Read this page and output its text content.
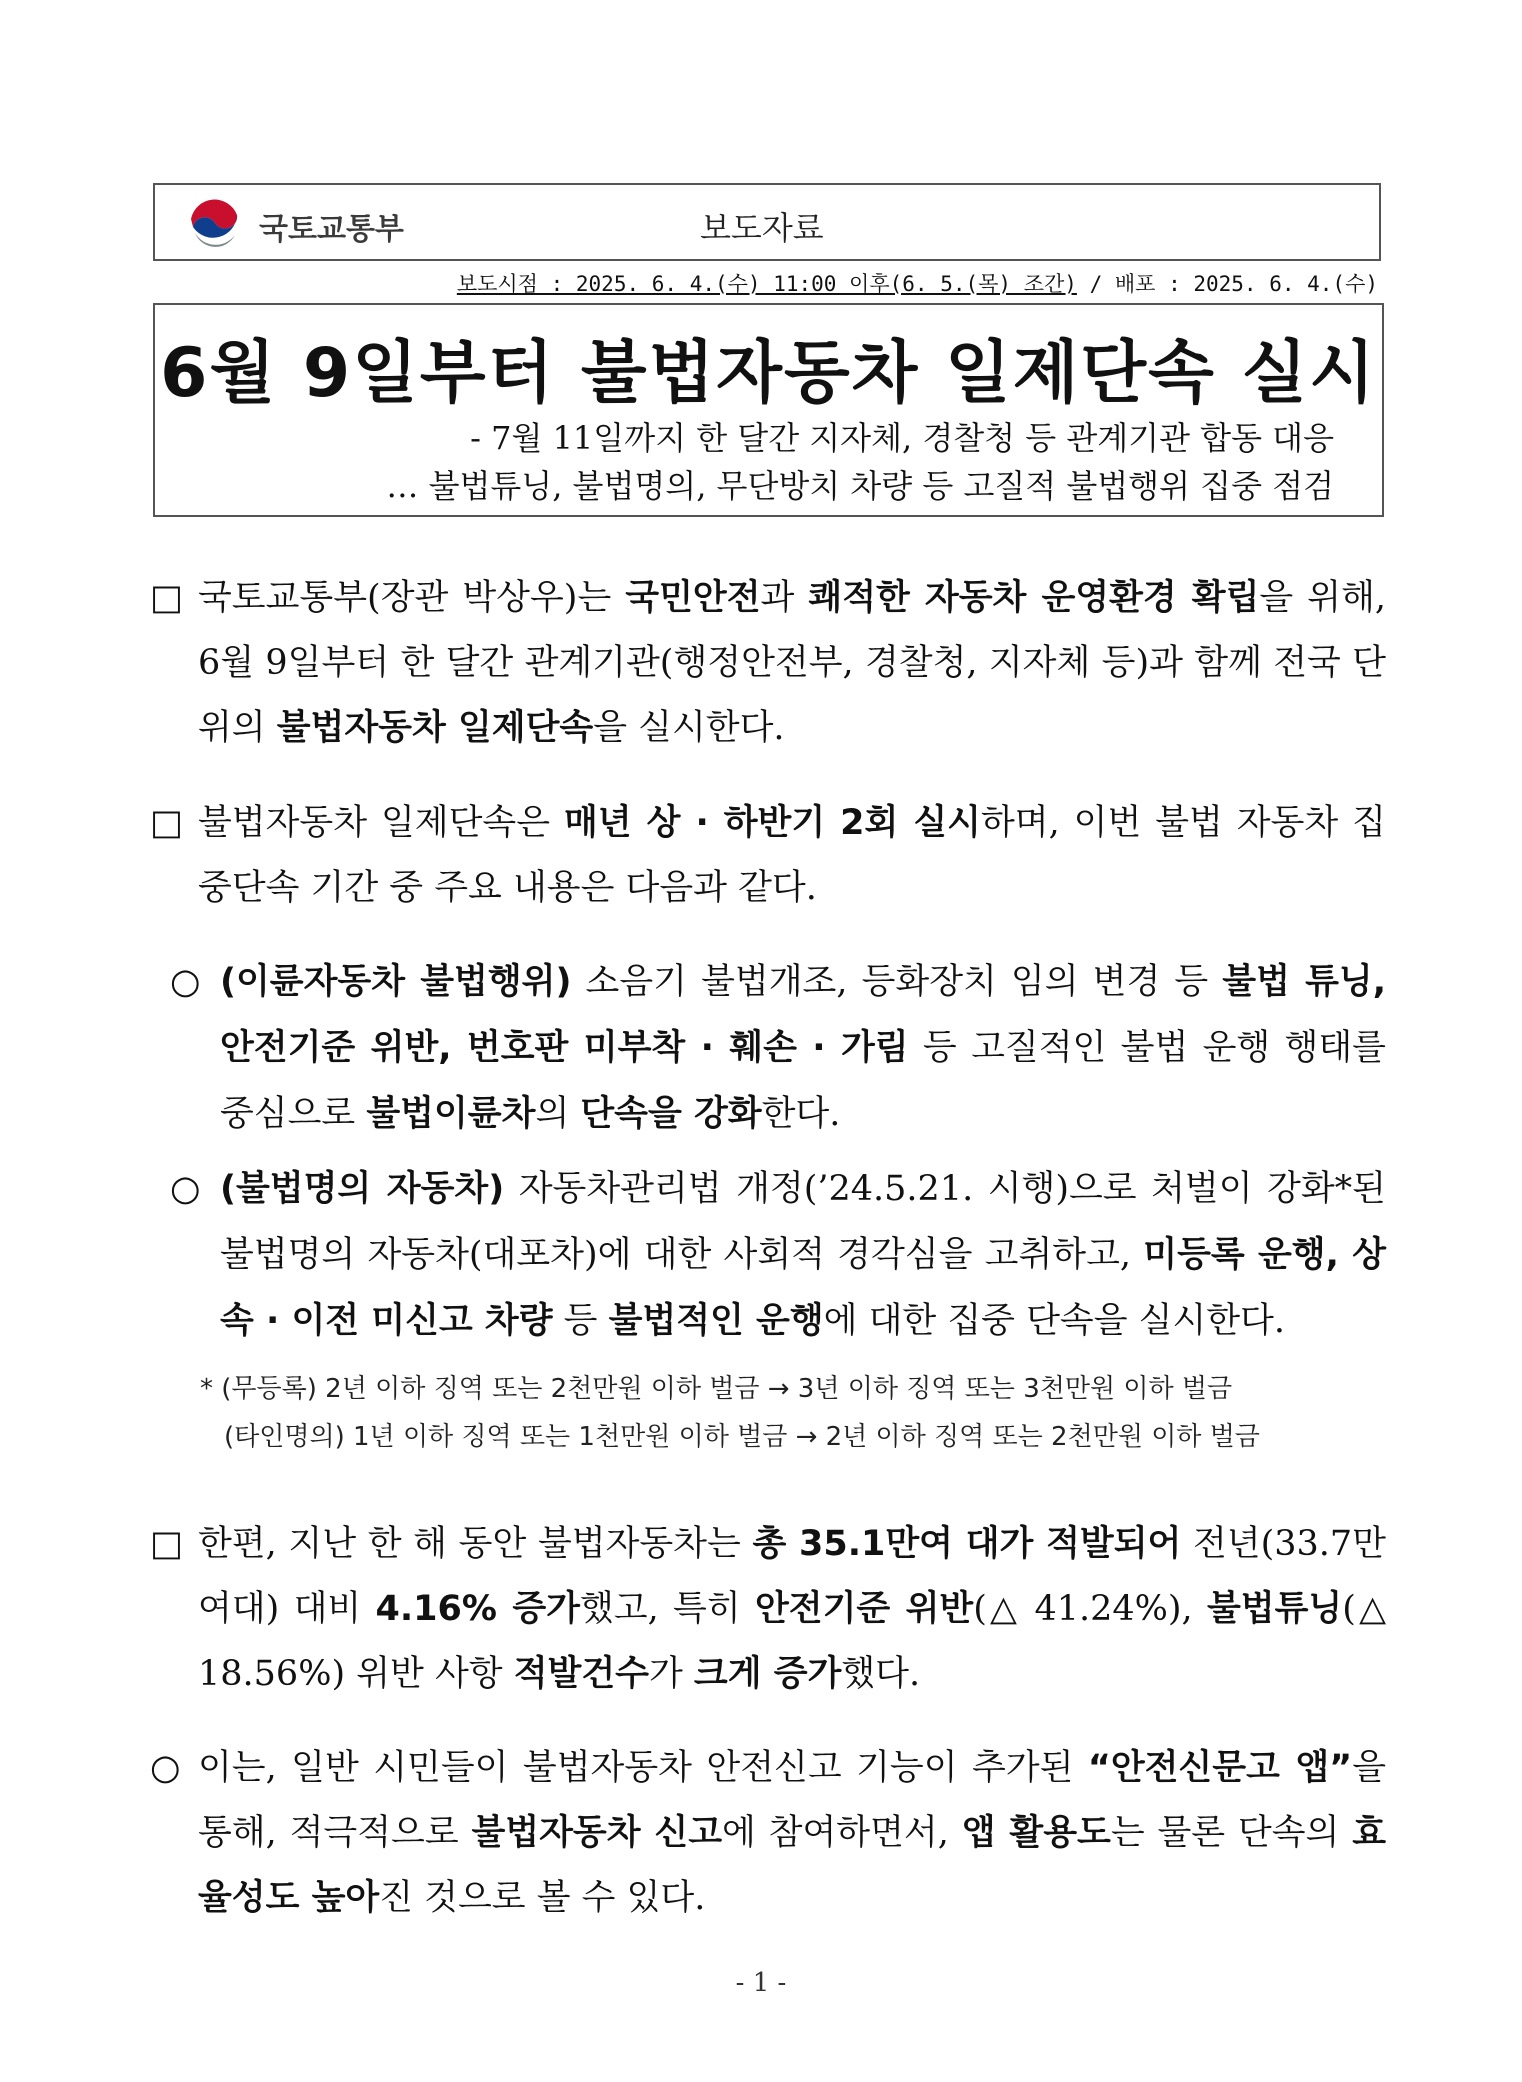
국토교통부	보도자료
보도시점 : 2025. 6. 4.(수) 11:00 이후(6. 5.(목) 조간) / 배포 : 2025. 6. 4.(수)
6월 9일부터 불법자동차 일제단속 실시
- 7월 11일까지 한 달간 지자체, 경찰청 등 관계기관 합동 대응
… 불법튜닝, 불법명의, 무단방치 차량 등 고질적 불법행위 집중 점검
□ 국토교통부(장관 박상우)는 국민안전과 쾌적한 자동차 운영환경 확립을 위해, 6월 9일부터 한 달간 관계기관(행정안전부, 경찰청, 지자체 등)과 함께 전국 단위의 불법자동차 일제단속을 실시한다.
□ 불법자동차 일제단속은 매년 상 · 하반기 2회 실시하며, 이번 불법 자동차 집중단속 기간 중 주요 내용은 다음과 같다.
○ (이륜자동차 불법행위) 소음기 불법개조, 등화장치 임의 변경 등 불법 튜닝, 안전기준 위반, 번호판 미부착 · 훼손 · 가림 등 고질적인 불법 운행 행태를 중심으로 불법이륜차의 단속을 강화한다.
○ (불법명의 자동차) 자동차관리법 개정(’24.5.21. 시행)으로 처벌이 강화*된 불법명의 자동차(대포차)에 대한 사회적 경각심을 고취하고, 미등록 운행, 상속 · 이전 미신고 차량 등 불법적인 운행에 대한 집중 단속을 실시한다.
* (무등록) 2년 이하 징역 또는 2천만원 이하 벌금 → 3년 이하 징역 또는 3천만원 이하 벌금
(타인명의) 1년 이하 징역 또는 1천만원 이하 벌금 → 2년 이하 징역 또는 2천만원 이하 벌금
□ 한편, 지난 한 해 동안 불법자동차는 총 35.1만여 대가 적발되어 전년(33.7만여대) 대비 4.16% 증가했고, 특히 안전기준 위반(△ 41.24%), 불법튜닝(△ 18.56%) 위반 사항 적발건수가 크게 증가했다.
○ 이는, 일반 시민들이 불법자동차 안전신고 기능이 추가된 “안전신문고 앱”을 통해, 적극적으로 불법자동차 신고에 참여하면서, 앱 활용도는 물론 단속의 효율성도 높아진 것으로 볼 수 있다.
- 1 -
